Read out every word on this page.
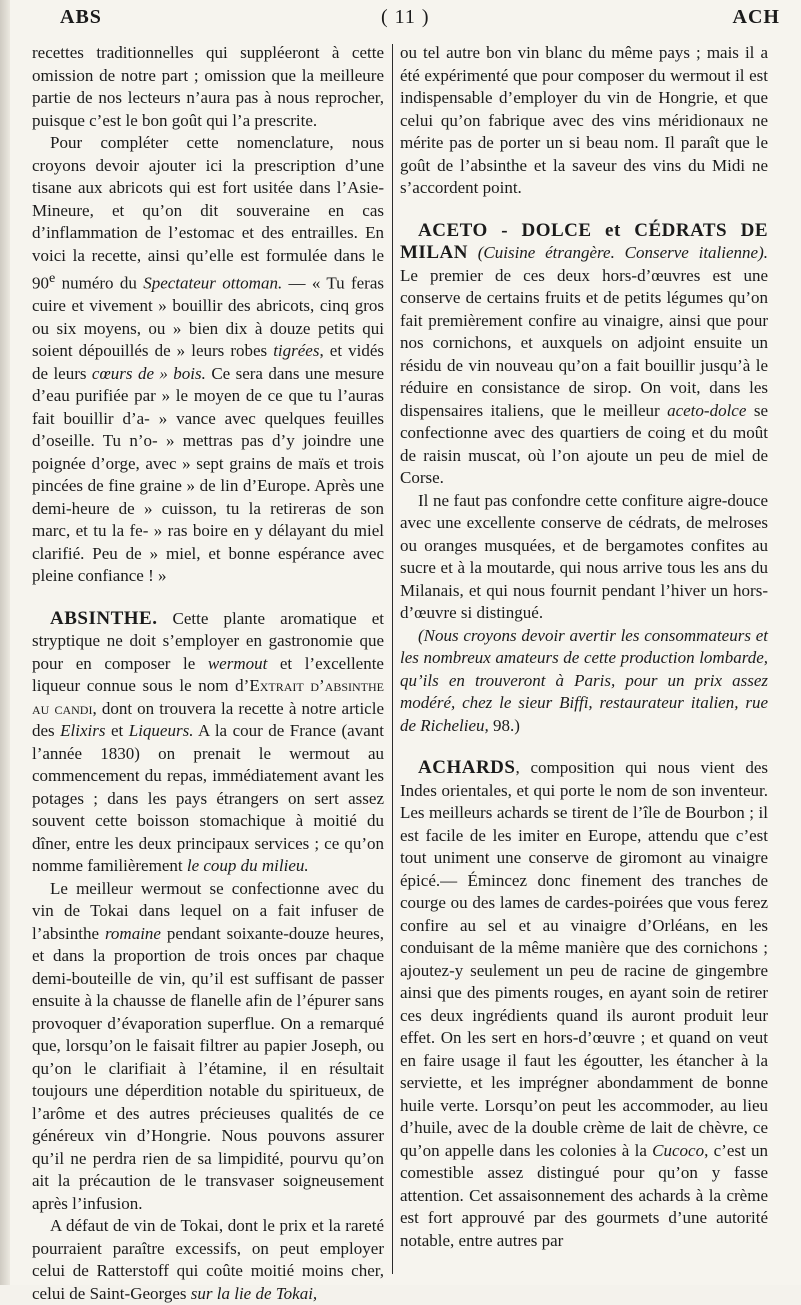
ABS	( 11 )	ACH

recettes traditionnelles qui suppléeront à cette omission de notre part ; omission que la meilleure partie de nos lecteurs n’aura pas à nous reprocher, puisque c’est le bon goût qui l’a prescrite.

Pour compléter cette nomenclature, nous croyons devoir ajouter ici la prescription d’une tisane aux abricots qui est fort usitée dans l’Asie-Mineure, et qu’on dit souveraine en cas d’inflammation de l’estomac et des entrailles. En voici la recette, ainsi qu’elle est formulée dans le 90e numéro du Spectateur ottoman. — « Tu feras cuire et vivement » bouillir des abricots, cinq gros ou six moyens, ou » bien dix à douze petits qui soient dépouillés de » leurs robes tigrées, et vidés de leurs cœurs de » bois. Ce sera dans une mesure d’eau purifiée par » le moyen de ce que tu l’auras fait bouillir d’a- » vance avec quelques feuilles d’oseille. Tu n’o- » mettras pas d’y joindre une poignée d’orge, avec » sept grains de maïs et trois pincées de fine graine » de lin d’Europe. Après une demi-heure de » cuisson, tu la retireras de son marc, et tu la fe- » ras boire en y délayant du miel clarifié. Peu de » miel, et bonne espérance avec pleine confiance ! »

ABSINTHE. Cette plante aromatique et stryptique ne doit s’employer en gastronomie que pour en composer le wermout et l’excellente liqueur connue sous le nom d’Extrait d’absinthe au candi, dont on trouvera la recette à notre article des Elixirs et Liqueurs. A la cour de France (avant l’année 1830) on prenait le wermout au commencement du repas, immédiatement avant les potages ; dans les pays étrangers on sert assez souvent cette boisson stomachique à moitié du dîner, entre les deux principaux services ; ce qu’on nomme familièrement le coup du milieu.

Le meilleur wermout se confectionne avec du vin de Tokai dans lequel on a fait infuser de l’absinthe romaine pendant soixante-douze heures, et dans la proportion de trois onces par chaque demi-bouteille de vin, qu’il est suffisant de passer ensuite à la chausse de flanelle afin de l’épurer sans provoquer d’évaporation superflue. On a remarqué que, lorsqu’on le faisait filtrer au papier Joseph, ou qu’on le clarifiait à l’étamine, il en résultait toujours une déperdition notable du spiritueux, de l’arôme et des autres précieuses qualités de ce généreux vin d’Hongrie. Nous pouvons assurer qu’il ne perdra rien de sa limpidité, pourvu qu’on ait la précaution de le transvaser soigneusement après l’infusion.

A défaut de vin de Tokai, dont le prix et la rareté pourraient paraître excessifs, on peut employer celui de Ratterstoff qui coûte moitié moins cher, celui de Saint-Georges sur la lie de Tokai,

ou tel autre bon vin blanc du même pays ; mais il a été expérimenté que pour composer du wermout il est indispensable d’employer du vin de Hongrie, et que celui qu’on fabrique avec des vins méridionaux ne mérite pas de porter un si beau nom. Il paraît que le goût de l’absinthe et la saveur des vins du Midi ne s’accordent point.

ACETO - DOLCE et CÉDRATS DE MILAN (Cuisine étrangère. Conserve italienne). Le premier de ces deux hors-d’œuvres est une conserve de certains fruits et de petits légumes qu’on fait premièrement confire au vinaigre, ainsi que pour nos cornichons, et auxquels on adjoint ensuite un résidu de vin nouveau qu’on a fait bouillir jusqu’à le réduire en consistance de sirop. On voit, dans les dispensaires italiens, que le meilleur aceto-dolce se confectionne avec des quartiers de coing et du moût de raisin muscat, où l’on ajoute un peu de miel de Corse.

Il ne faut pas confondre cette confiture aigre-douce avec une excellente conserve de cédrats, de melroses ou oranges musquées, et de bergamotes confites au sucre et à la moutarde, qui nous arrive tous les ans du Milanais, et qui nous fournit pendant l’hiver un hors-d’œuvre si distingué.

(Nous croyons devoir avertir les consommateurs et les nombreux amateurs de cette production lombarde, qu’ils en trouveront à Paris, pour un prix assez modéré, chez le sieur Biffi, restaurateur italien, rue de Richelieu, 98.)

ACHARDS, composition qui nous vient des Indes orientales, et qui porte le nom de son inventeur. Les meilleurs achards se tirent de l’île de Bourbon ; il est facile de les imiter en Europe, attendu que c’est tout uniment une conserve de giromont au vinaigre épicé.— Émincez donc finement des tranches de courge ou des lames de cardes-poirées que vous ferez confire au sel et au vinaigre d’Orléans, en les conduisant de la même manière que des cornichons ; ajoutez-y seulement un peu de racine de gingembre ainsi que des piments rouges, en ayant soin de retirer ces deux ingrédients quand ils auront produit leur effet. On les sert en hors-d’œuvre ; et quand on veut en faire usage il faut les égoutter, les étancher à la serviette, et les imprégner abondamment de bonne huile verte. Lorsqu’on peut les accommoder, au lieu d’huile, avec de la double crème de lait de chèvre, ce qu’on appelle dans les colonies à la Cucoco, c’est un comestible assez distingué pour qu’on y fasse attention. Cet assaisonnement des achards à la crème est fort approuvé par des gourmets d’une autorité notable, entre autres par
